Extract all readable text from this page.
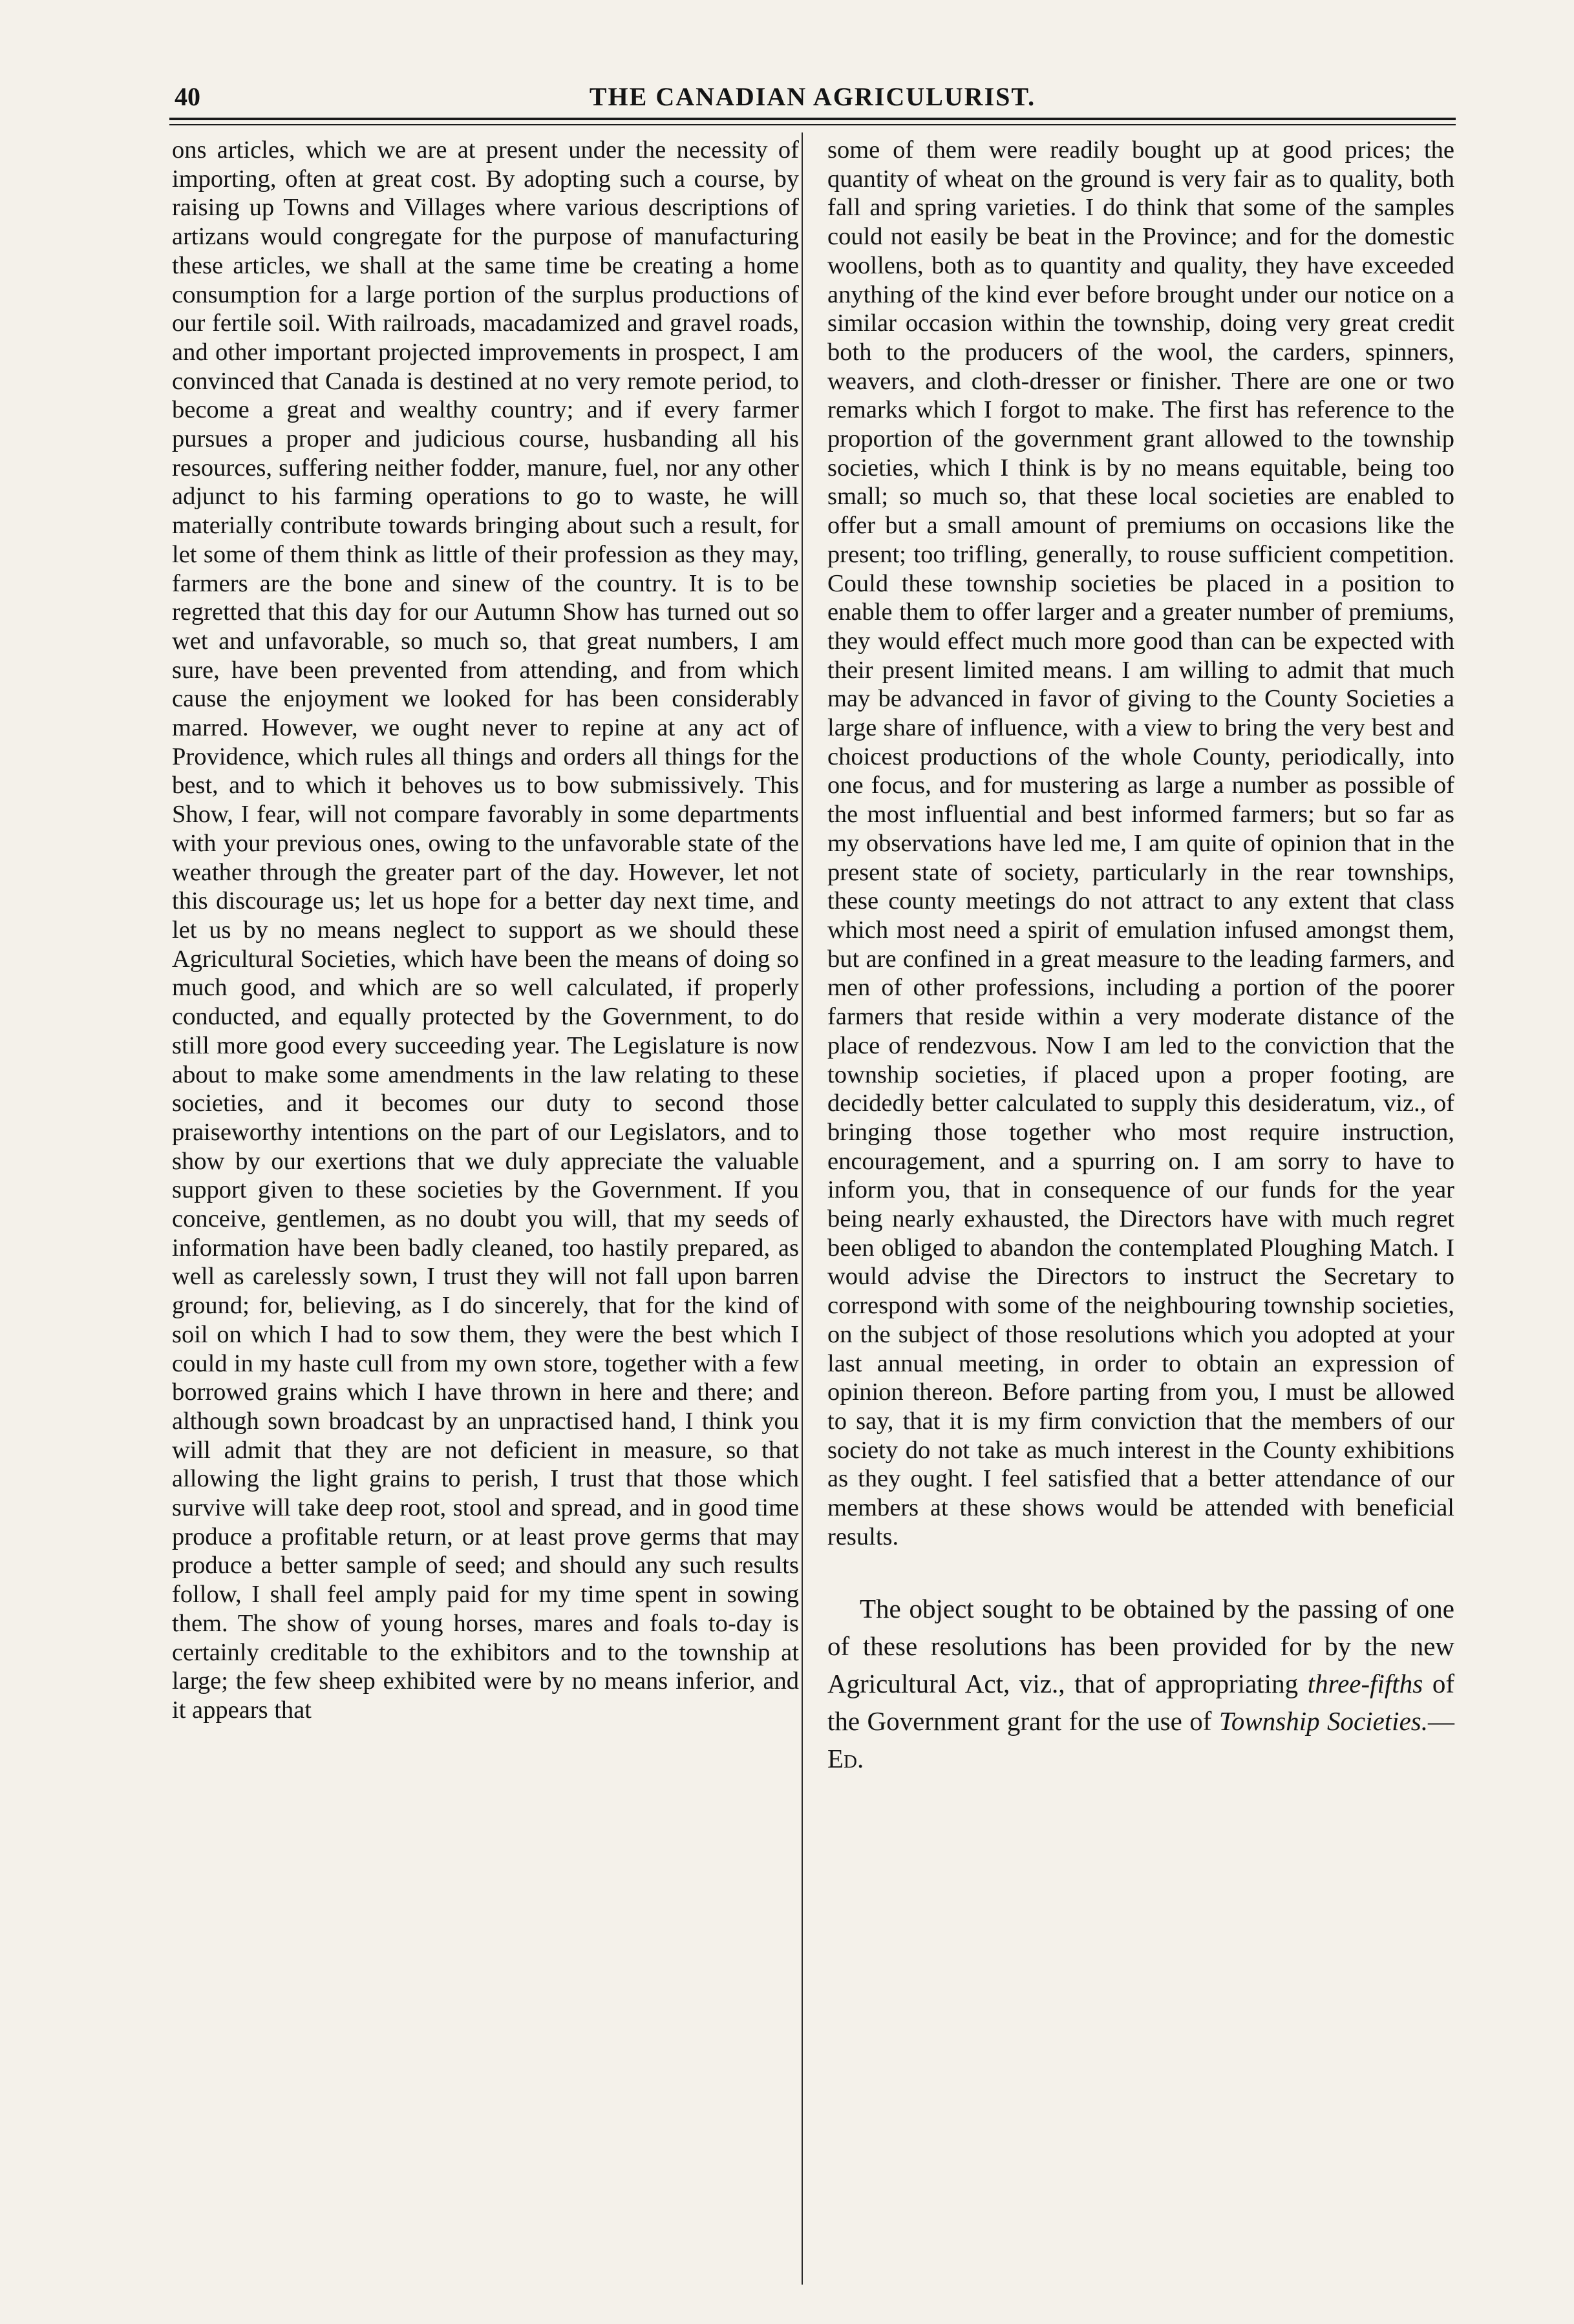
40	THE CANADIAN AGRICULURIST.

ons articles, which we are at present under the necessity of importing, often at great cost. By adopting such a course, by raising up Towns and Villages where various descriptions of artizans would congregate for the purpose of manufacturing these articles, we shall at the same time be creating a home consumption for a large portion of the surplus productions of our fertile soil. With railroads, macadamized and gravel roads, and other important projected improvements in prospect, I am convinced that Canada is destined at no very remote period, to become a great and wealthy country; and if every farmer pursues a proper and judicious course, husbanding all his resources, suffering neither fodder, manure, fuel, nor any other adjunct to his farming operations to go to waste, he will materially contribute towards bringing about such a result, for let some of them think as little of their profession as they may, farmers are the bone and sinew of the country. It is to be regretted that this day for our Autumn Show has turned out so wet and unfavorable, so much so, that great numbers, I am sure, have been prevented from attending, and from which cause the enjoyment we looked for has been considerably marred. However, we ought never to repine at any act of Providence, which rules all things and orders all things for the best, and to which it behoves us to bow submissively. This Show, I fear, will not compare favorably in some departments with your previous ones, owing to the unfavorable state of the weather through the greater part of the day. However, let not this discourage us; let us hope for a better day next time, and let us by no means neglect to support as we should these Agricultural Societies, which have been the means of doing so much good, and which are so well calculated, if properly conducted, and equally protected by the Government, to do still more good every succeeding year. The Legislature is now about to make some amendments in the law relating to these societies, and it becomes our duty to second those praiseworthy intentions on the part of our Legislators, and to show by our exertions that we duly appreciate the valuable support given to these societies by the Government. If you conceive, gentlemen, as no doubt you will, that my seeds of information have been badly cleaned, too hastily prepared, as well as carelessly sown, I trust they will not fall upon barren ground; for, believing, as I do sincerely, that for the kind of soil on which I had to sow them, they were the best which I could in my haste cull from my own store, together with a few borrowed grains which I have thrown in here and there; and although sown broadcast by an unpractised hand, I think you will admit that they are not deficient in measure, so that allowing the light grains to perish, I trust that those which survive will take deep root, stool and spread, and in good time produce a profitable return, or at least prove germs that may produce a better sample of seed; and should any such results follow, I shall feel amply paid for my time spent in sowing them. The show of young horses, mares and foals to-day is certainly creditable to the exhibitors and to the township at large; the few sheep exhibited were by no means inferior, and it appears that

some of them were readily bought up at good prices; the quantity of wheat on the ground is very fair as to quality, both fall and spring varieties. I do think that some of the samples could not easily be beat in the Province; and for the domestic woollens, both as to quantity and quality, they have exceeded anything of the kind ever before brought under our notice on a similar occasion within the township, doing very great credit both to the producers of the wool, the carders, spinners, weavers, and cloth-dresser or finisher. There are one or two remarks which I forgot to make. The first has reference to the proportion of the government grant allowed to the township societies, which I think is by no means equitable, being too small; so much so, that these local societies are enabled to offer but a small amount of premiums on occasions like the present; too trifling, generally, to rouse sufficient competition. Could these township societies be placed in a position to enable them to offer larger and a greater number of premiums, they would effect much more good than can be expected with their present limited means. I am willing to admit that much may be advanced in favor of giving to the County Societies a large share of influence, with a view to bring the very best and choicest productions of the whole County, periodically, into one focus, and for mustering as large a number as possible of the most influential and best informed farmers; but so far as my observations have led me, I am quite of opinion that in the present state of society, particularly in the rear townships, these county meetings do not attract to any extent that class which most need a spirit of emulation infused amongst them, but are confined in a great measure to the leading farmers, and men of other professions, including a portion of the poorer farmers that reside within a very moderate distance of the place of rendezvous. Now I am led to the conviction that the township societies, if placed upon a proper footing, are decidedly better calculated to supply this desideratum, viz., of bringing those together who most require instruction, encouragement, and a spurring on. I am sorry to have to inform you, that in consequence of our funds for the year being nearly exhausted, the Directors have with much regret been obliged to abandon the contemplated Ploughing Match. I would advise the Directors to instruct the Secretary to correspond with some of the neighbouring township societies, on the subject of those resolutions which you adopted at your last annual meeting, in order to obtain an expression of opinion thereon. Before parting from you, I must be allowed to say, that it is my firm conviction that the members of our society do not take as much interest in the County exhibitions as they ought. I feel satisfied that a better attendance of our members at these shows would be attended with beneficial results.

The object sought to be obtained by the passing of one of these resolutions has been provided for by the new Agricultural Act, viz., that of appropriating three-fifths of the Government grant for the use of Township Societies.—Ed.
